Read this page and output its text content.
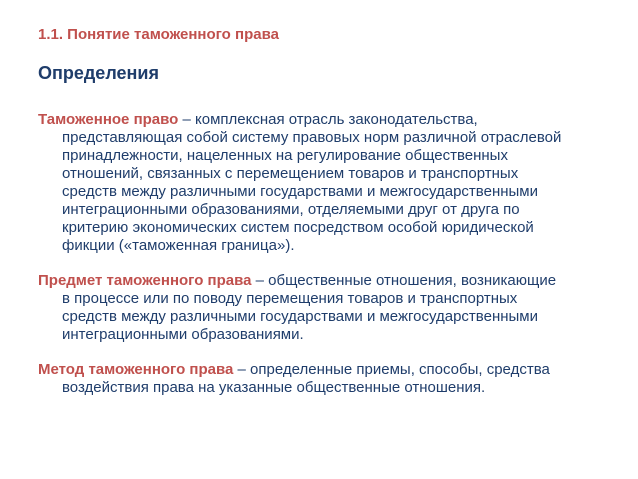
1.1. Понятие таможенного права
Определения

Таможенное право – комплексная отрасль законодательства,
представляющая собой систему правовых норм различной отраслевой
принадлежности, нацеленных на регулирование общественных
отношений, связанных с перемещением товаров и транспортных
средств между различными государствами и межгосударственными
интеграционными образованиями, отделяемыми друг от друга по
критерию экономических систем посредством особой юридической
фикции («таможенная граница»).

Предмет таможенного права – общественные отношения, возникающие
в процессе или по поводу перемещения товаров и транспортных
средств между различными государствами и межгосударственными
интеграционными образованиями.

Метод таможенного права – определенные приемы, способы, средства
воздействия права на указанные общественные отношения.
